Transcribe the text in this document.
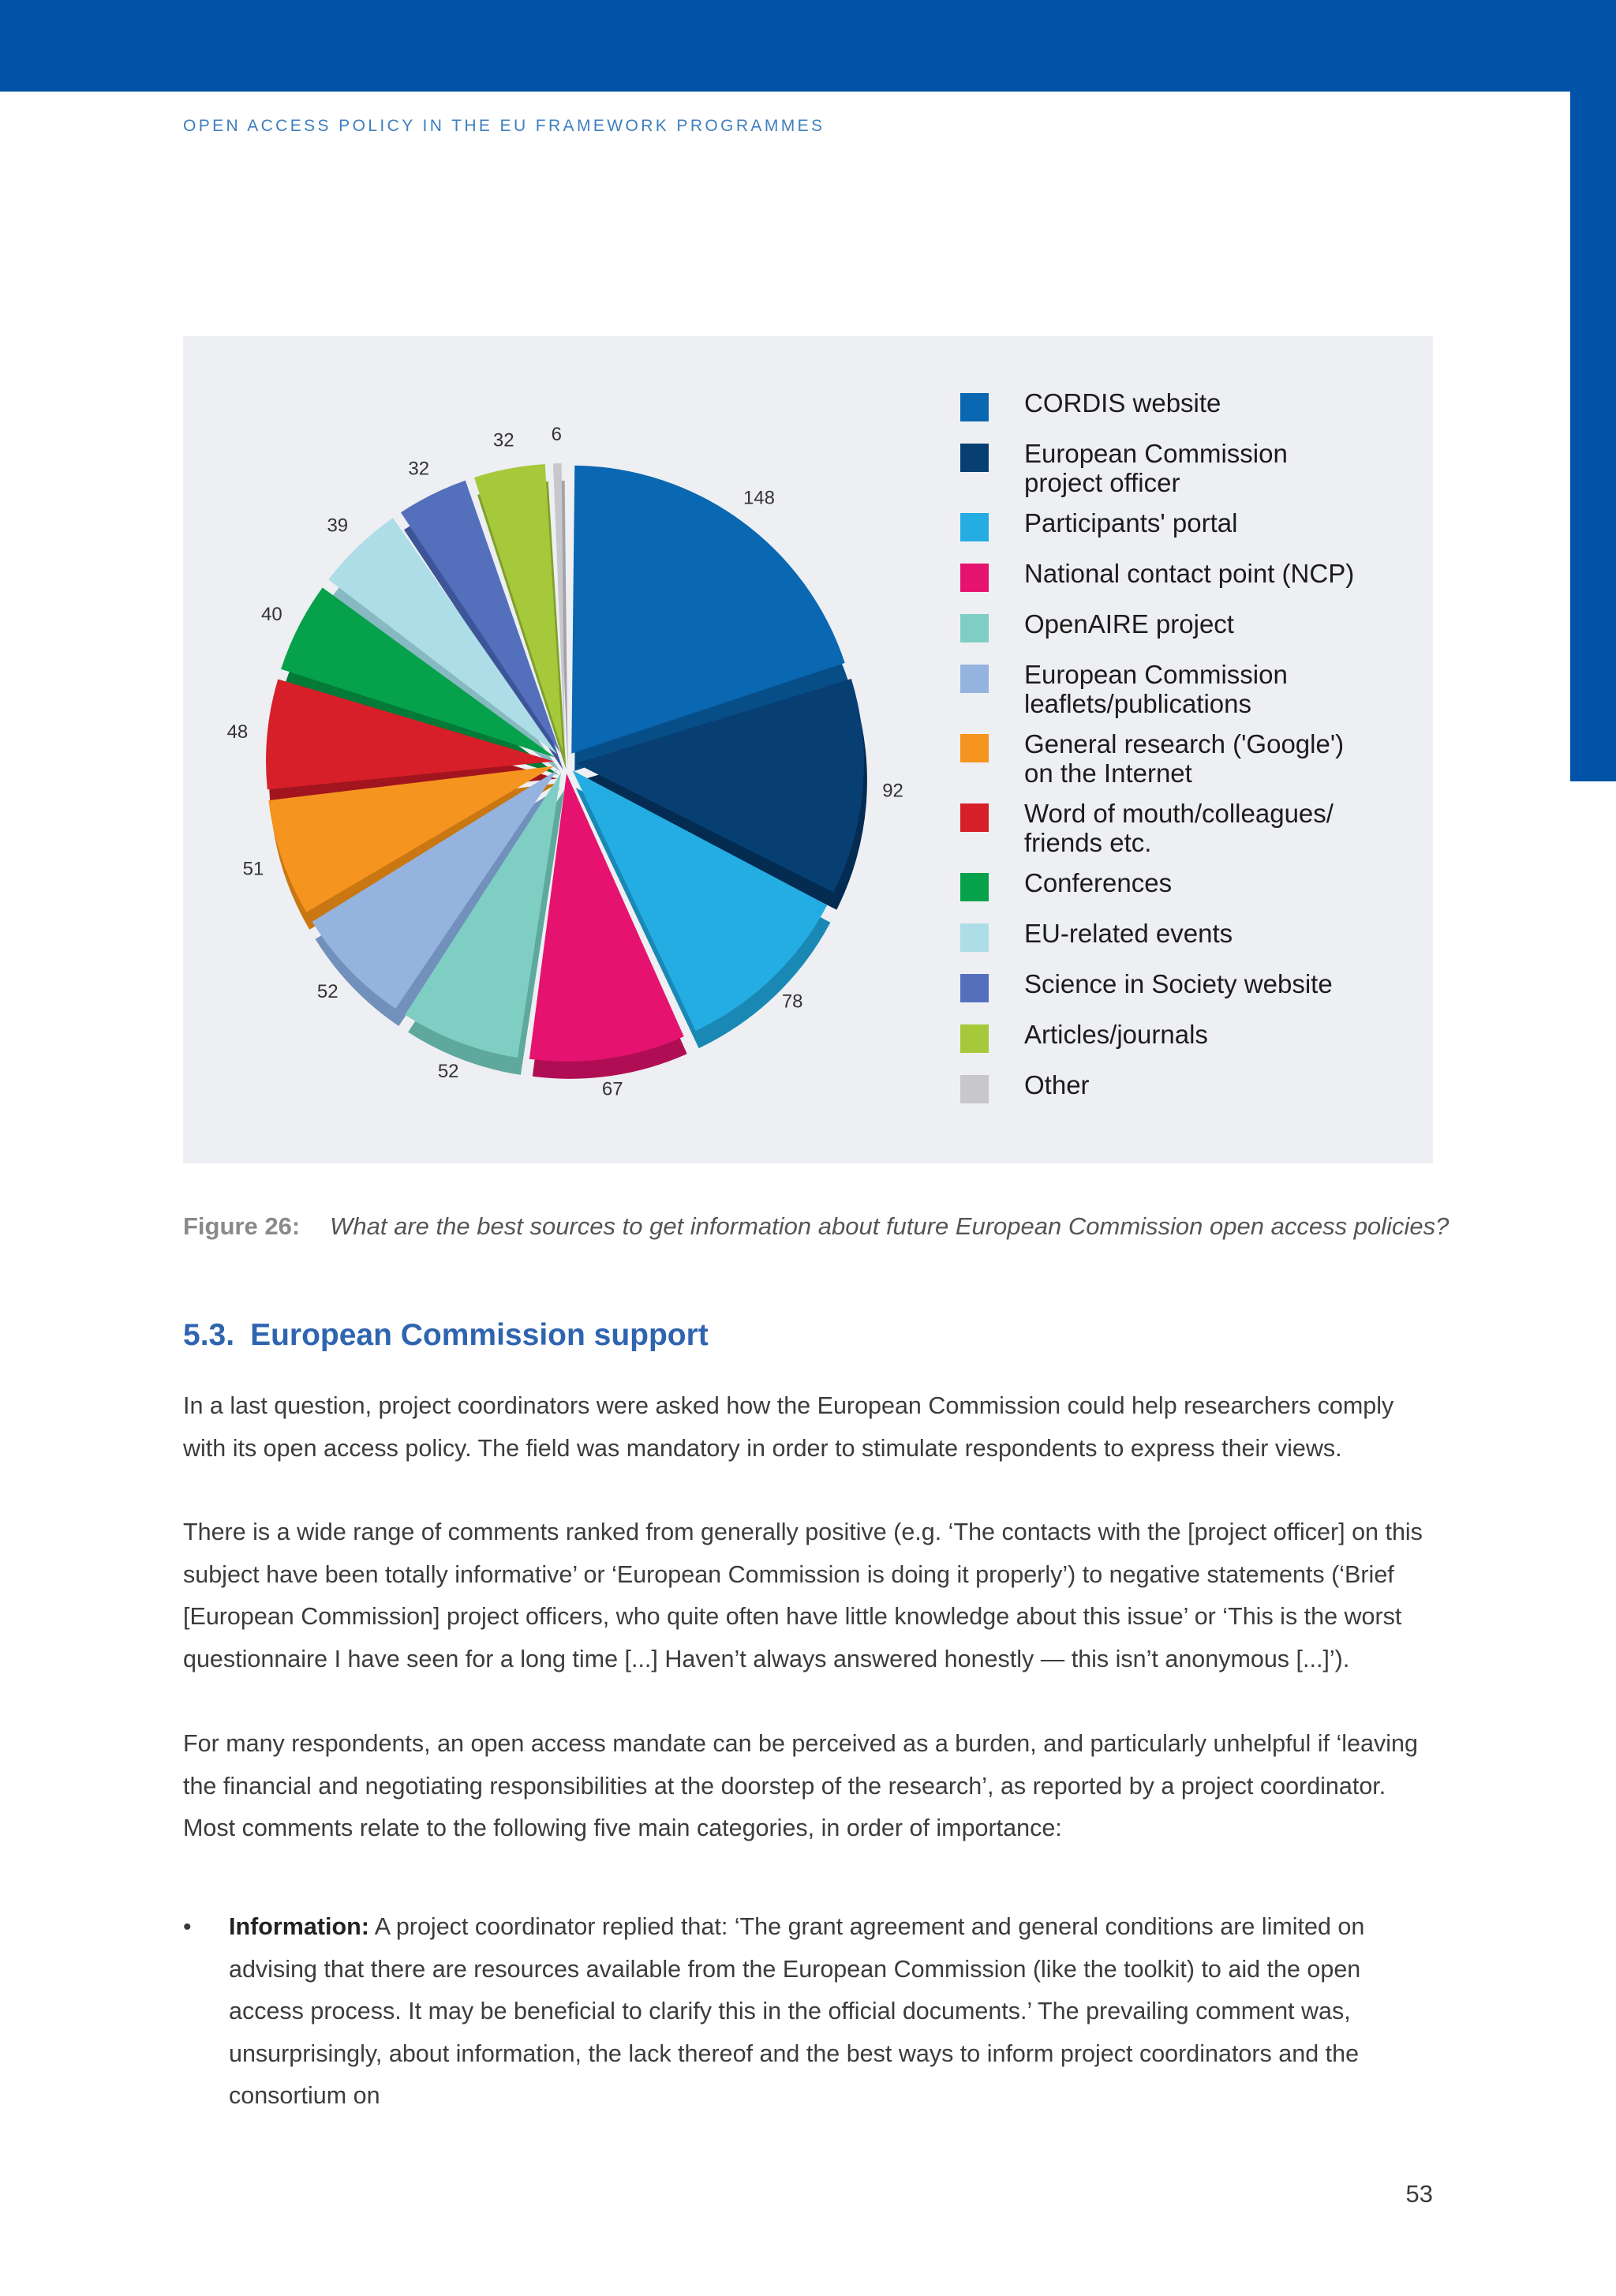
OPEN ACCESS POLICY IN THE EU FRAMEWORK PROGRAMMES
148
92
78
67
52
52
51
48
40
39
32
32 6
CORDIS website
European Commission
project officer
Participants' portal
National contact point (NCP)
OpenAIRE project
European Commission
leaflets/publications
General research ('Google')
on the Internet
Word of mouth/colleagues/
friends etc.
Conferences
EU-related events
Science in Society website
Articles/journals
Other
Figure 26: What are the best sources to get information about future European Commission open access policies?
5.3. European Commission support

In a last question, project coordinators were asked how the European Commission could help researchers comply with its open access policy. The field was mandatory in order to stimulate respondents to express their views.

There is a wide range of comments ranked from generally positive (e.g. ‘The contacts with the [project officer] on this subject have been totally informative’ or ‘European Commission is doing it properly’) to negative statements (‘Brief [European Commission] project officers, who quite often have little knowledge about this issue’ or ‘This is the worst questionnaire I have seen for a long time [...] Haven’t always answered honestly — this isn’t anonymous [...]’).

For many respondents, an open access mandate can be perceived as a burden, and particularly unhelpful if ‘leaving the financial and negotiating responsibilities at the doorstep of the research’, as reported by a project coordinator. Most comments relate to the following five main categories, in order of importance:

• Information: A project coordinator replied that: ‘The grant agreement and general conditions are limited on advising that there are resources available from the European Commission (like the toolkit) to aid the open access process. It may be beneficial to clarify this in the official documents.’ The prevailing comment was, unsurprisingly, about information, the lack thereof and the best ways to inform project coordinators and the consortium on

53
